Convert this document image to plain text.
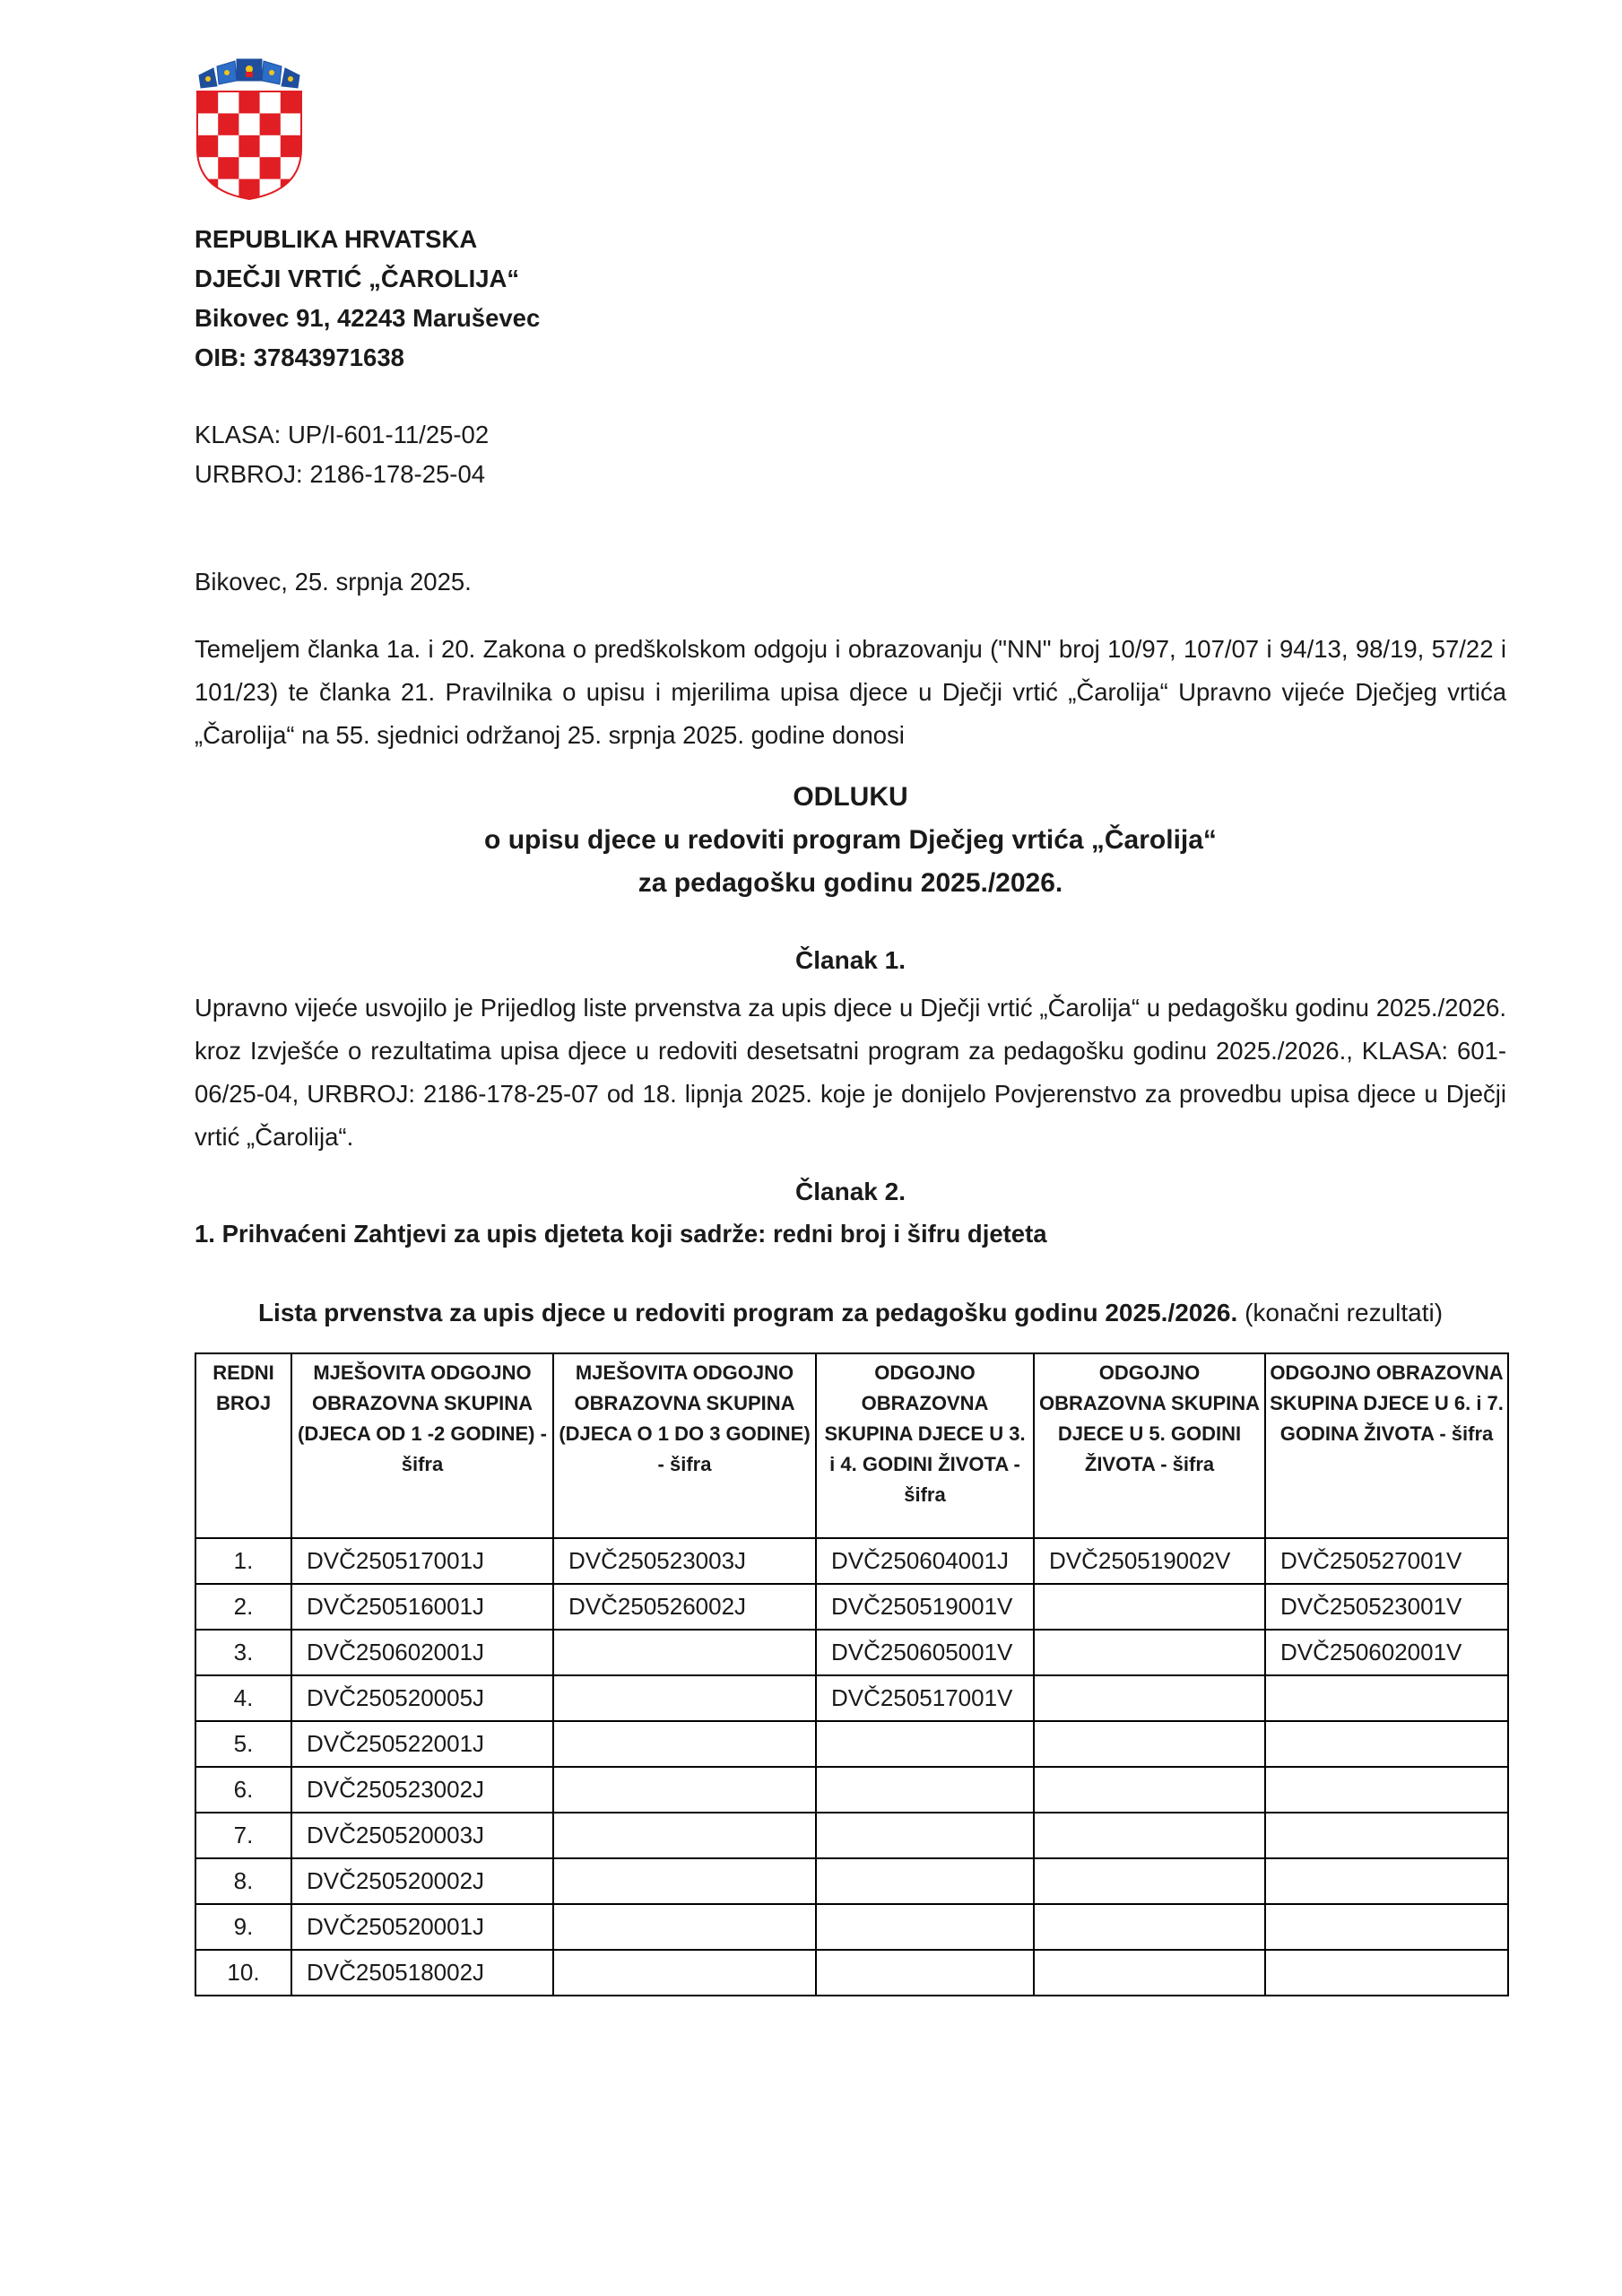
REPUBLIKA HRVATSKA
DJEČJI VRTIĆ „ČAROLIJA“
Bikovec 91, 42243 Maruševec
OIB: 37843971638
KLASA: UP/I-601-11/25-02
URBROJ: 2186-178-25-04
Bikovec, 25. srpnja 2025.

Temeljem članka 1a. i 20. Zakona o predškolskom odgoju i obrazovanju ("NN" broj 10/97, 107/07 i 94/13, 98/19, 57/22 i 101/23) te članka 21. Pravilnika o upisu i mjerilima upisa djece u Dječji vrtić „Čarolija“ Upravno vijeće Dječjeg vrtića „Čarolija“ na 55. sjednici održanoj 25. srpnja 2025. godine donosi

ODLUKU
o upisu djece u redoviti program Dječjeg vrtića „Čarolija“
za pedagošku godinu 2025./2026.
Članak 1.
Upravno vijeće usvojilo je Prijedlog liste prvenstva za upis djece u Dječji vrtić „Čarolija“ u pedagošku godinu 2025./2026. kroz Izvješće o rezultatima upisa djece u redoviti desetsatni program za pedagošku godinu 2025./2026., KLASA: 601-06/25-04, URBROJ: 2186-178-25-07 od 18. lipnja 2025. koje je donijelo Povjerenstvo za provedbu upisa djece u Dječji vrtić „Čarolija“.
Članak 2.
1. Prihvaćeni Zahtjevi za upis djeteta koji sadrže: redni broj i šifru djeteta
Lista prvenstva za upis djece u redoviti program za pedagošku godinu 2025./2026. (konačni rezultati)
REDNI BROJ	MJEŠOVITA ODGOJNO OBRAZOVNA SKUPINA (DJECA OD 1 -2 GODINE) - šifra	MJEŠOVITA ODGOJNO OBRAZOVNA SKUPINA (DJECA O 1 DO 3 GODINE) - šifra	ODGOJNO OBRAZOVNA SKUPINA DJECE U 3. i 4. GODINI ŽIVOTA - šifra	ODGOJNO OBRAZOVNA SKUPINA DJECE U 5. GODINI ŽIVOTA - šifra	ODGOJNO OBRAZOVNA SKUPINA DJECE U 6. i 7. GODINA ŽIVOTA - šifra
1.	DVČ250517001J	DVČ250523003J	DVČ250604001J	DVČ250519002V	DVČ250527001V
2.	DVČ250516001J	DVČ250526002J	DVČ250519001V		DVČ250523001V
3.	DVČ250602001J		DVČ250605001V		DVČ250602001V
4.	DVČ250520005J		DVČ250517001V		
5.	DVČ250522001J				
6.	DVČ250523002J				
7.	DVČ250520003J				
8.	DVČ250520002J				
9.	DVČ250520001J				
10.	DVČ250518002J				
